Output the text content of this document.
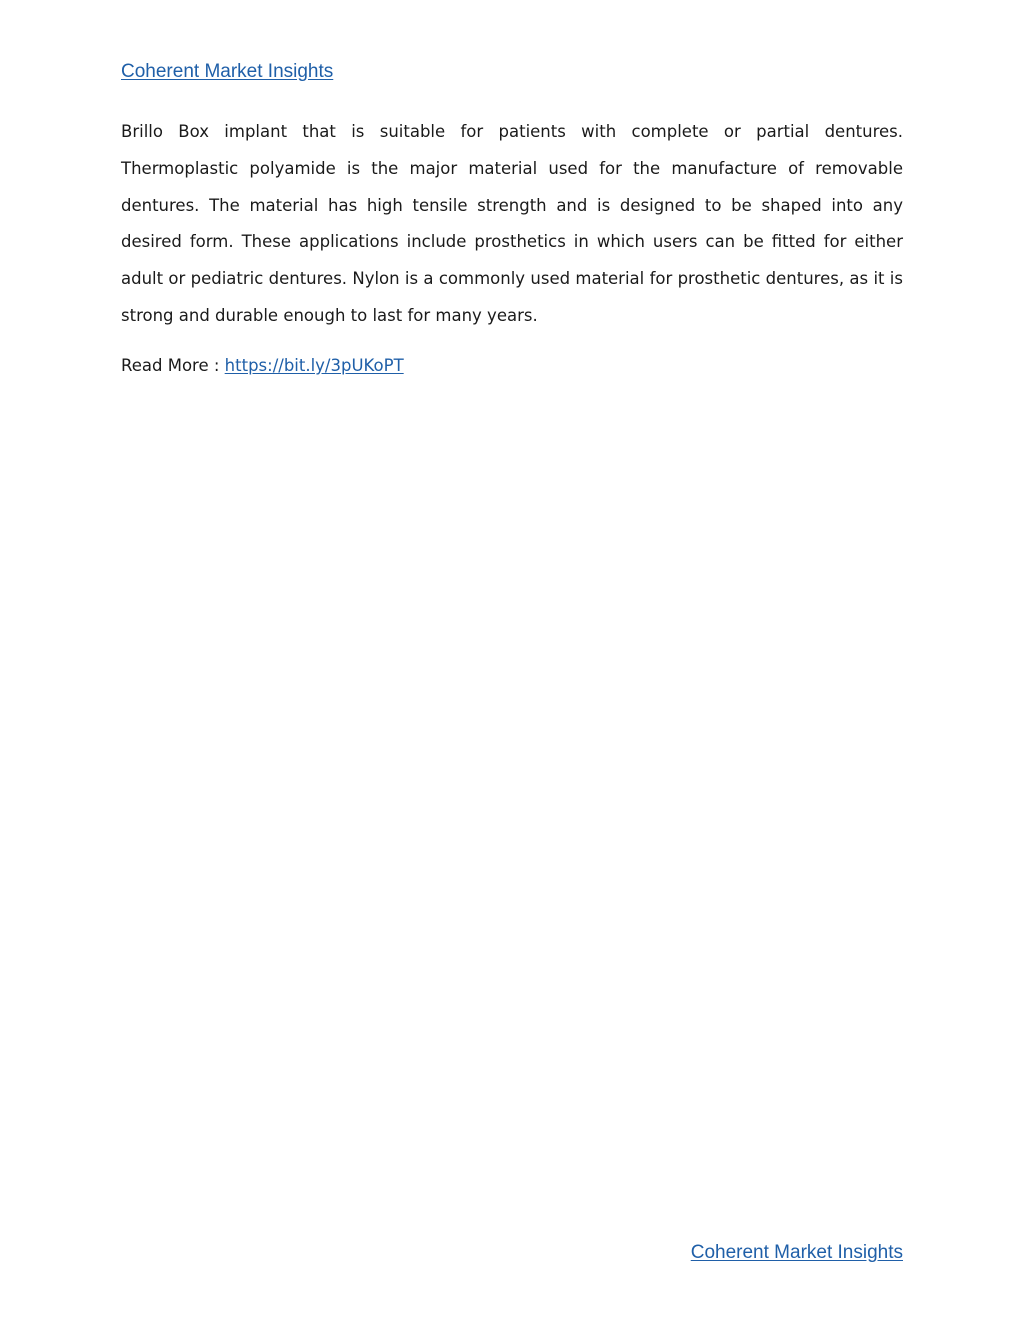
Coherent Market Insights

Brillo Box implant that is suitable for patients with complete or partial dentures. Thermoplastic polyamide is the major material used for the manufacture of removable dentures. The material has high tensile strength and is designed to be shaped into any desired form. These applications include prosthetics in which users can be fitted for either adult or pediatric dentures. Nylon is a commonly used material for prosthetic dentures, as it is strong and durable enough to last for many years.

Read More : https://bit.ly/3pUKoPT
Coherent Market Insights
